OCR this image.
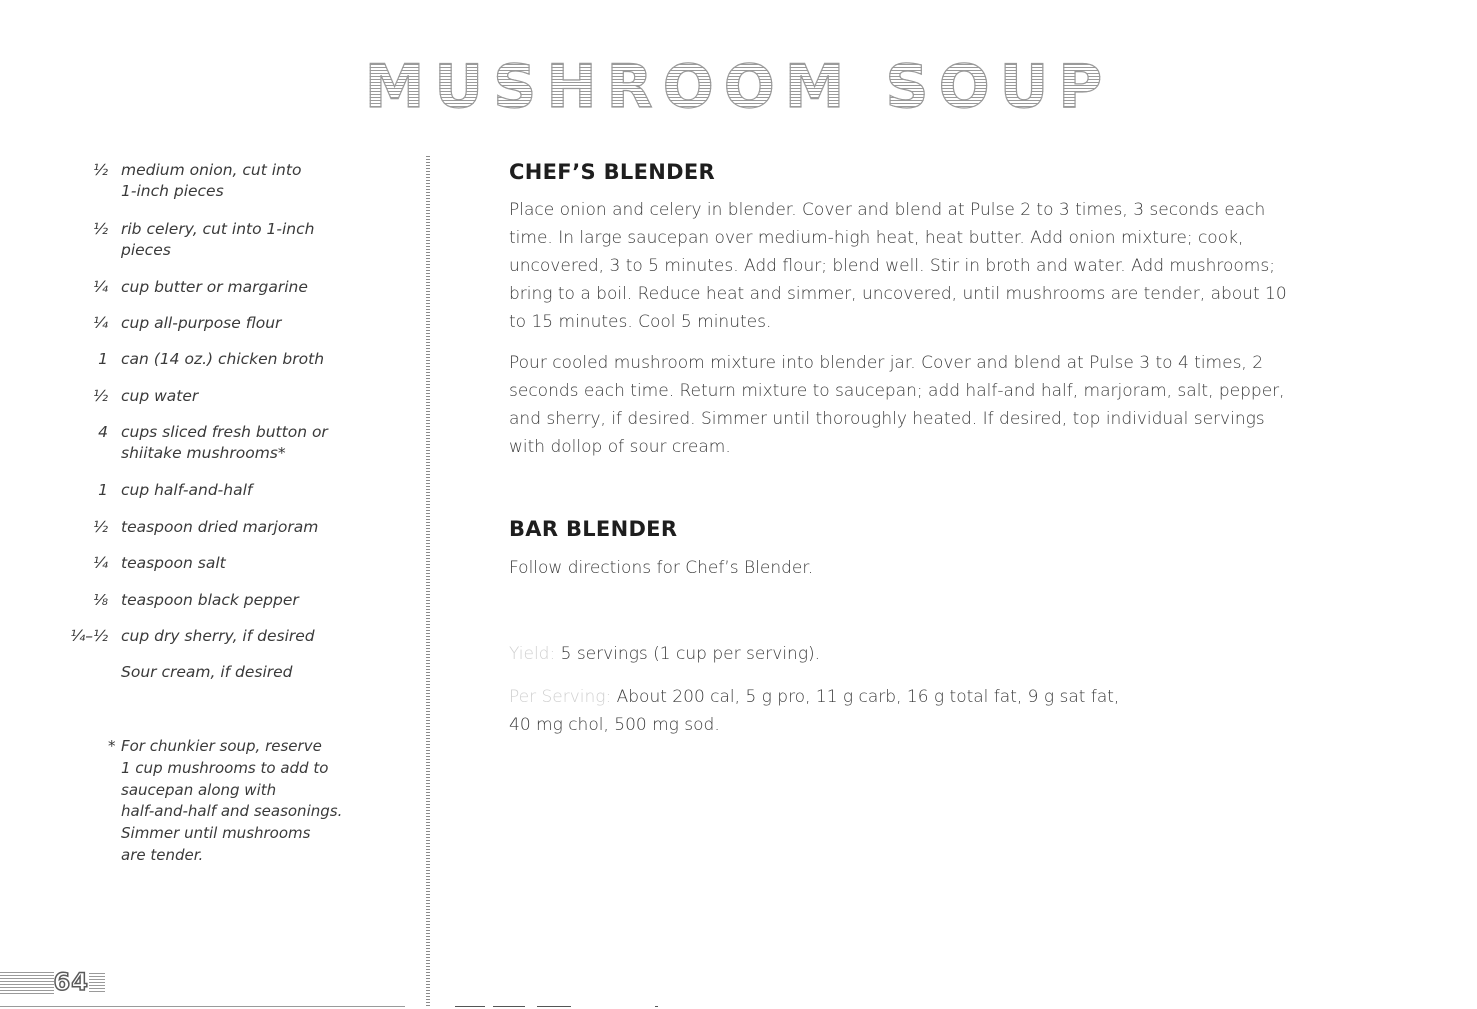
MUSHROOM SOUP
½ medium onion, cut into
1-inch pieces
½ rib celery, cut into 1-inch
pieces
¼ cup butter or margarine
¼ cup all-purpose flour
1 can (14 oz.) chicken broth
½ cup water
4 cups sliced fresh button or
shiitake mushrooms*
1 cup half-and-half
½ teaspoon dried marjoram
¼ teaspoon salt
⅛ teaspoon black pepper
¼–½ cup dry sherry, if desired
Sour cream, if desired
* For chunkier soup, reserve
1 cup mushrooms to add to
saucepan along with
half-and-half and seasonings.
Simmer until mushrooms
are tender.
CHEF’S BLENDER
Place onion and celery in blender. Cover and blend at Pulse 2 to 3 times, 3 seconds each
time. In large saucepan over medium-high heat, heat butter. Add onion mixture; cook,
uncovered, 3 to 5 minutes. Add flour; blend well. Stir in broth and water. Add mushrooms;
bring to a boil. Reduce heat and simmer, uncovered, until mushrooms are tender, about 10
to 15 minutes. Cool 5 minutes.
Pour cooled mushroom mixture into blender jar. Cover and blend at Pulse 3 to 4 times, 2
seconds each time. Return mixture to saucepan; add half-and half, marjoram, salt, pepper,
and sherry, if desired. Simmer until thoroughly heated. If desired, top individual servings
with dollop of sour cream.
BAR BLENDER
Follow directions for Chef’s Blender.
Yield: 5 servings (1 cup per serving).
Per Serving: About 200 cal, 5 g pro, 11 g carb, 16 g total fat, 9 g sat fat,
40 mg chol, 500 mg sod.
64
